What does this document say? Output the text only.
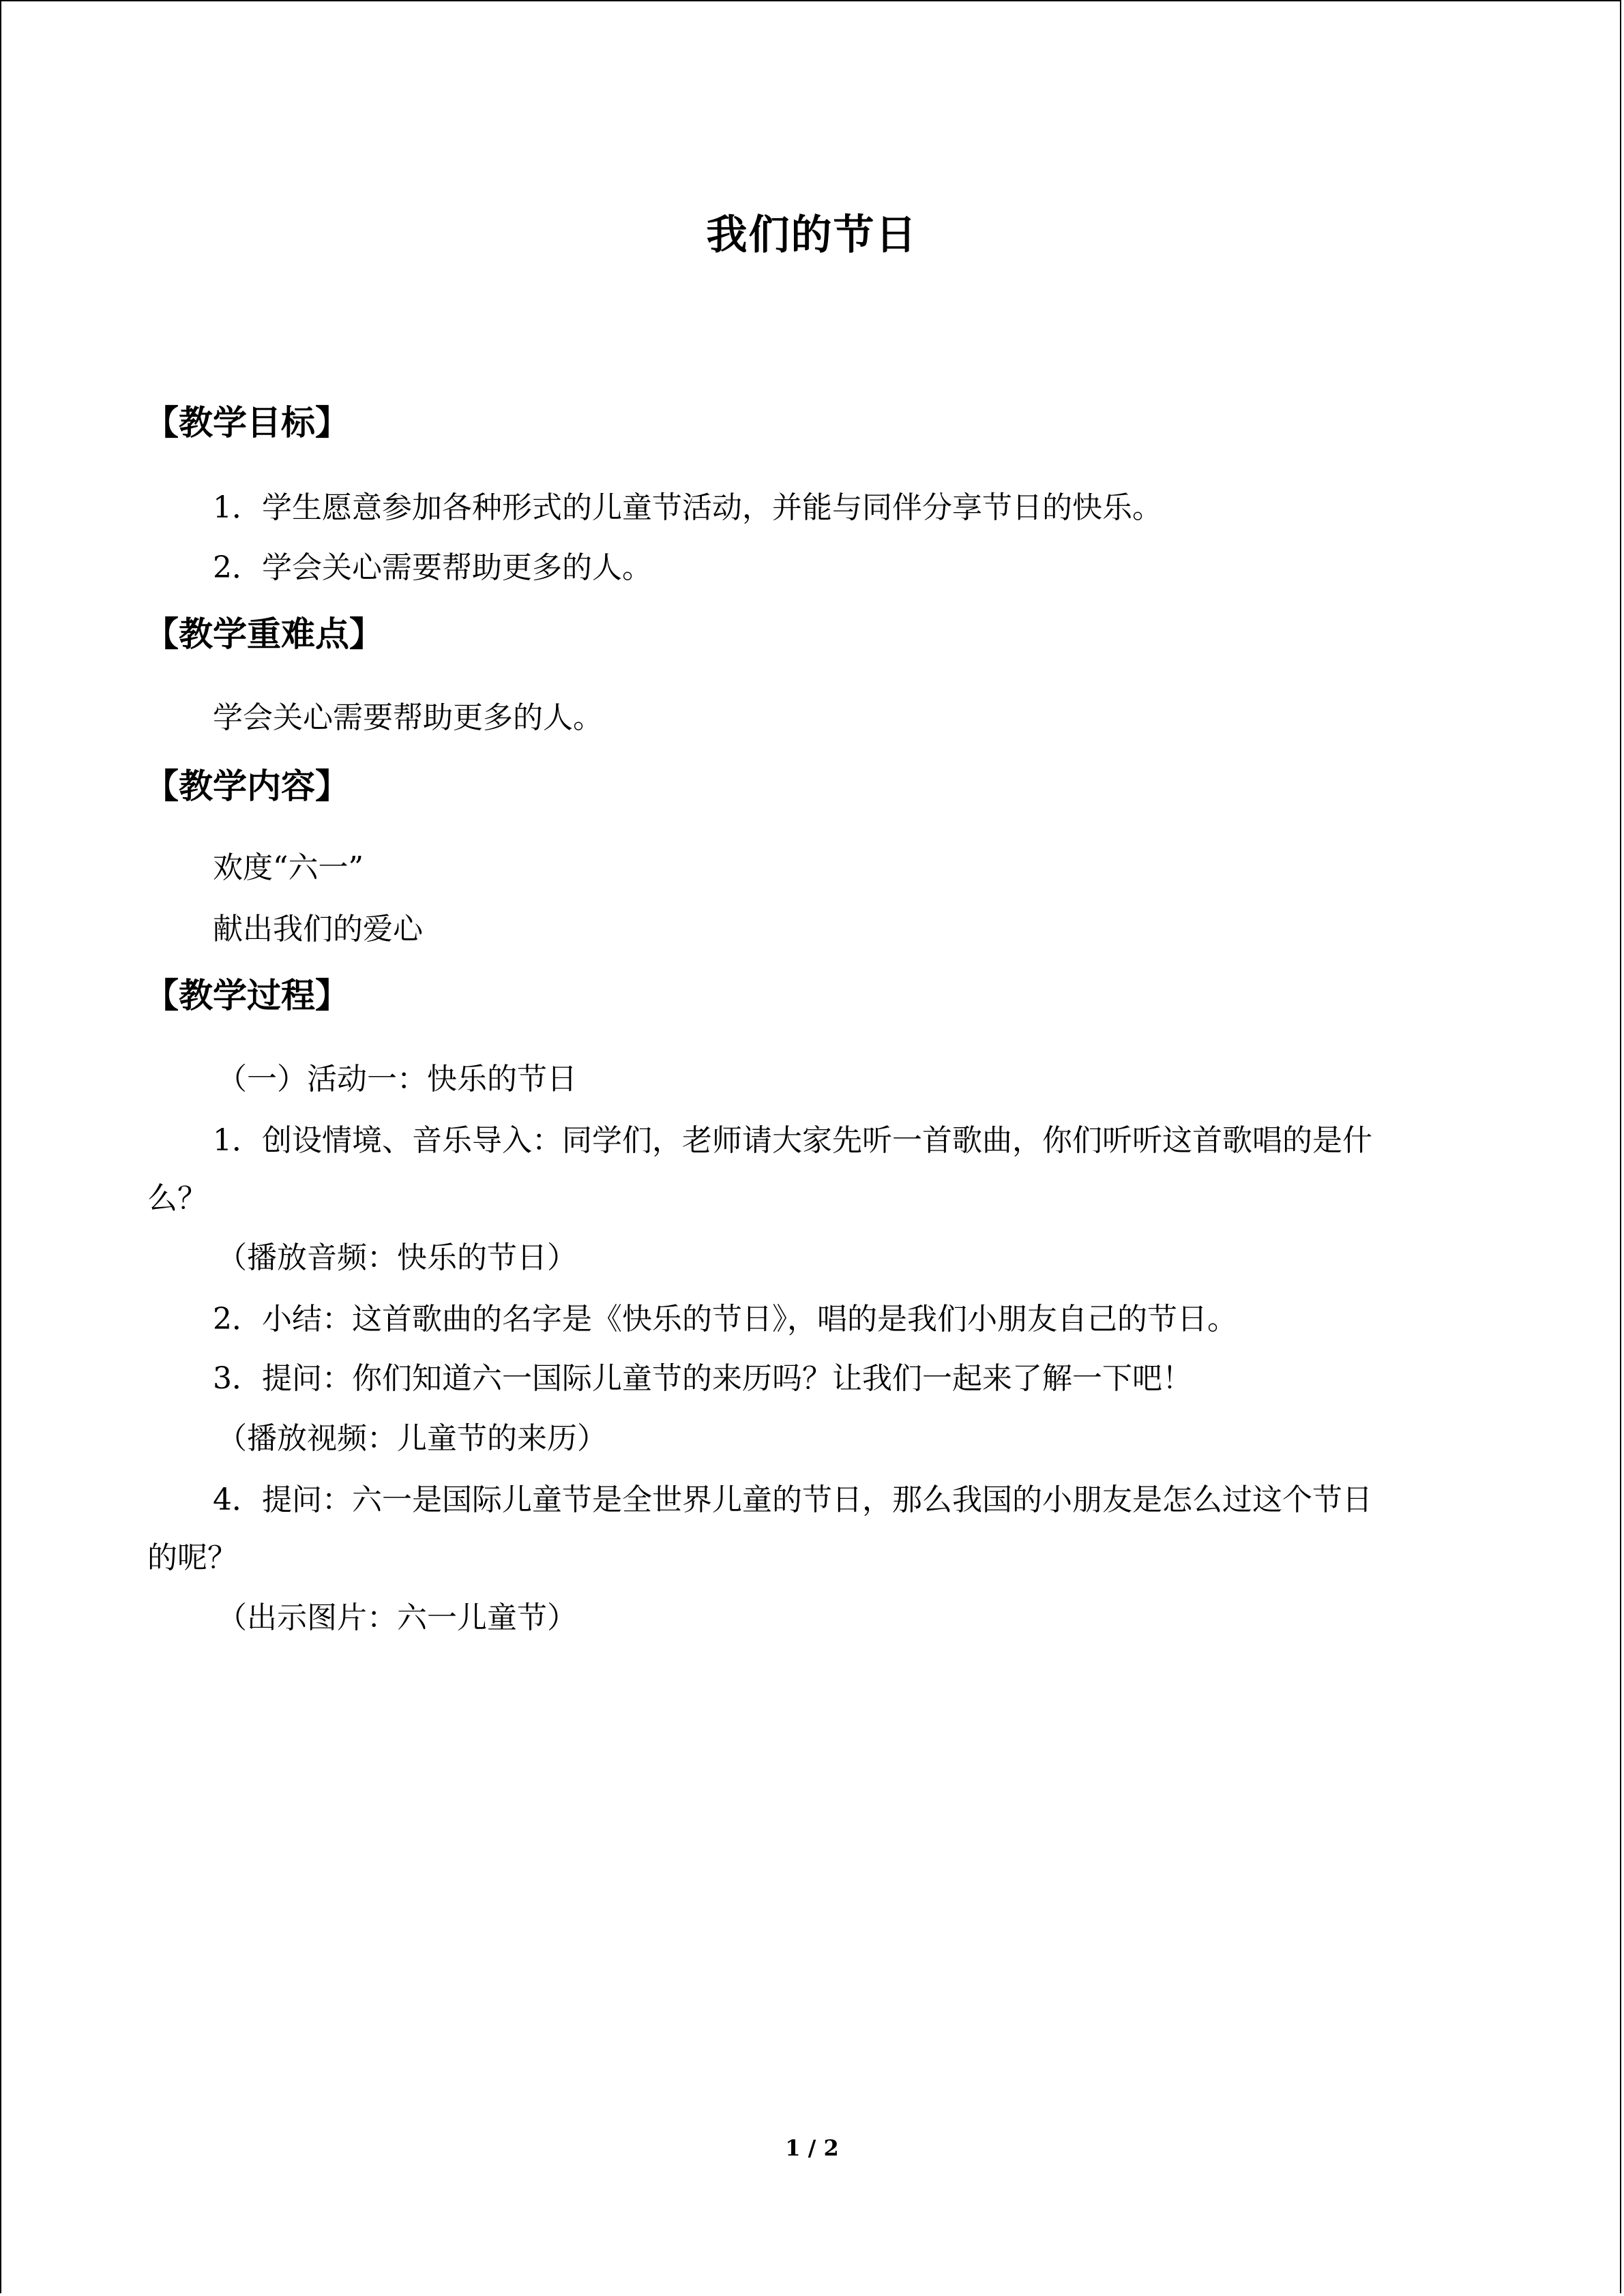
我们的节日
【教学目标】
1．学生愿意参加各种形式的儿童节活动，并能与同伴分享节日的快乐。
2．学会关心需要帮助更多的人。
【教学重难点】
学会关心需要帮助更多的人。
【教学内容】
欢度“六一”
献出我们的爱心
【教学过程】
（一）活动一：快乐的节日
1．创设情境、音乐导入：同学们，老师请大家先听一首歌曲，你们听听这首歌唱的是什
么？
（播放音频：快乐的节日）
2．小结：这首歌曲的名字是《快乐的节日》，唱的是我们小朋友自己的节日。
3．提问：你们知道六一国际儿童节的来历吗？让我们一起来了解一下吧！
（播放视频：儿童节的来历）
4．提问：六一是国际儿童节是全世界儿童的节日，那么我国的小朋友是怎么过这个节日
的呢？
（出示图片：六一儿童节）
1 / 2
